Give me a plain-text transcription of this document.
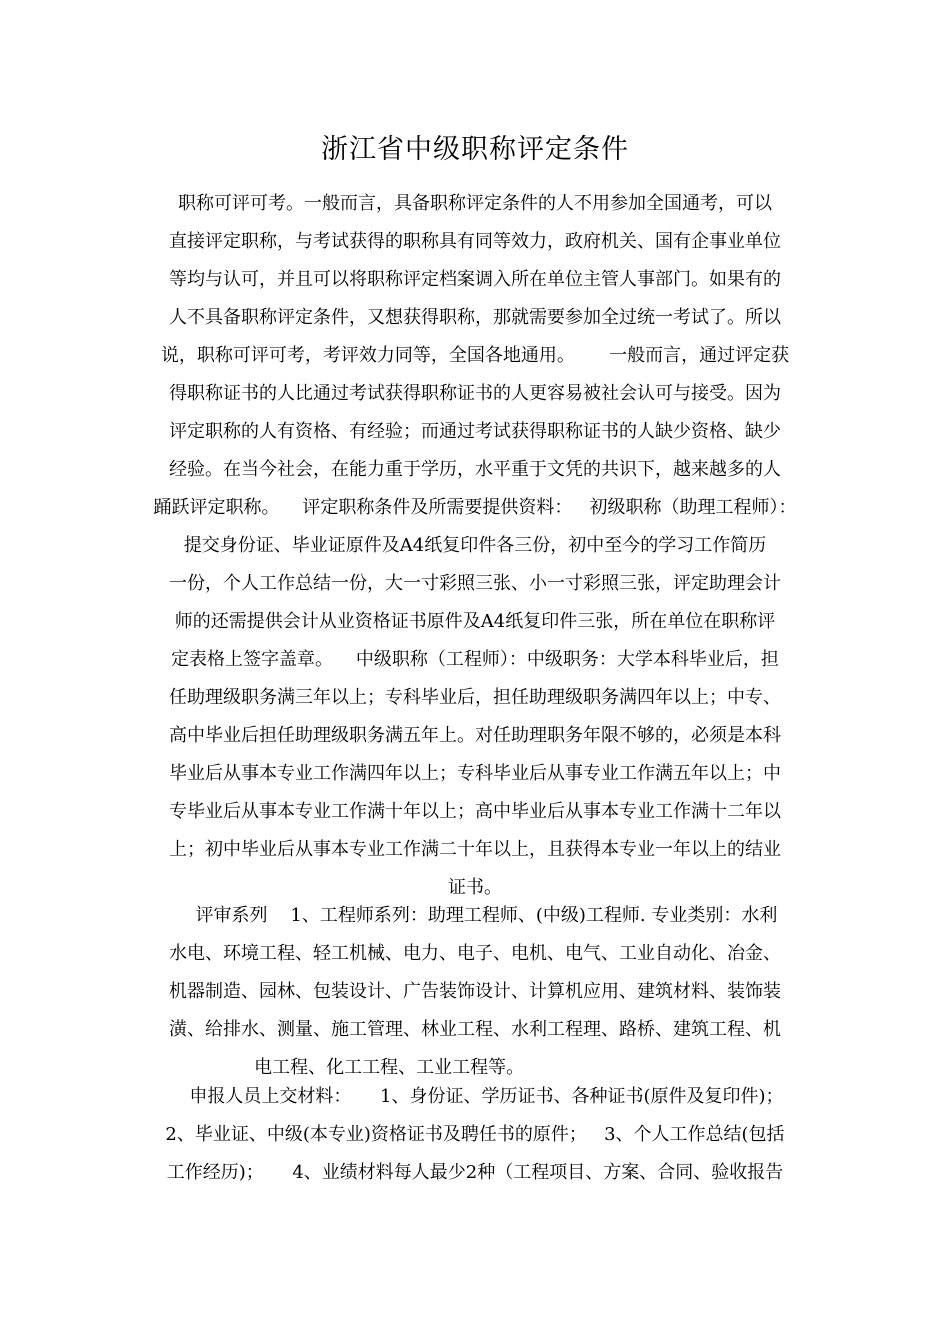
浙江省中级职称评定条件
职称可评可考。一般而言，具备职称评定条件的人不用参加全国通考，可以
直接评定职称，与考试获得的职称具有同等效力，政府机关、国有企事业单位
等均与认可，并且可以将职称评定档案调入所在单位主管人事部门。如果有的
人不具备职称评定条件，又想获得职称，那就需要参加全过统一考试了。所以
说，职称可评可考，考评效力同等，全国各地通用。      一般而言，通过评定获
得职称证书的人比通过考试获得职称证书的人更容易被社会认可与接受。因为
评定职称的人有资格、有经验；而通过考试获得职称证书的人缺少资格、缺少
经验。在当今社会，在能力重于学历，水平重于文凭的共识下，越来越多的人
踊跃评定职称。    评定职称条件及所需要提供资料：   初级职称（助理工程师）：
提交身份证、毕业证原件及A4纸复印件各三份，初中至今的学习工作简历
一份，个人工作总结一份，大一寸彩照三张、小一寸彩照三张，评定助理会计
师的还需提供会计从业资格证书原件及A4纸复印件三张，所在单位在职称评
定表格上签字盖章。    中级职称（工程师）：中级职务：大学本科毕业后，担
任助理级职务满三年以上；专科毕业后，担任助理级职务满四年以上；中专、
高中毕业后担任助理级职务满五年上。对任助理职务年限不够的，必须是本科
毕业后从事本专业工作满四年以上；专科毕业后从事专业工作满五年以上；中
专毕业后从事本专业工作满十年以上；高中毕业后从事本专业工作满十二年以
上；初中毕业后从事本专业工作满二十年以上，且获得本专业一年以上的结业
证书。
评审系列    1、工程师系列：助理工程师、(中级)工程师. 专业类别：水利
水电、环境工程、轻工机械、电力、电子、电机、电气、工业自动化、冶金、
机器制造、园林、包装设计、广告装饰设计、计算机应用、建筑材料、装饰装
潢、给排水、测量、施工管理、林业工程、水利工程理、路桥、建筑工程、机
电工程、化工工程、工业工程等。
申报人员上交材料：     1、身份证、学历证书、各种证书(原件及复印件)；
2、毕业证、中级(本专业)资格证书及聘任书的原件；   3、个人工作总结(包括
工作经历)；     4、业绩材料每人最少2种（工程项目、方案、合同、验收报告
